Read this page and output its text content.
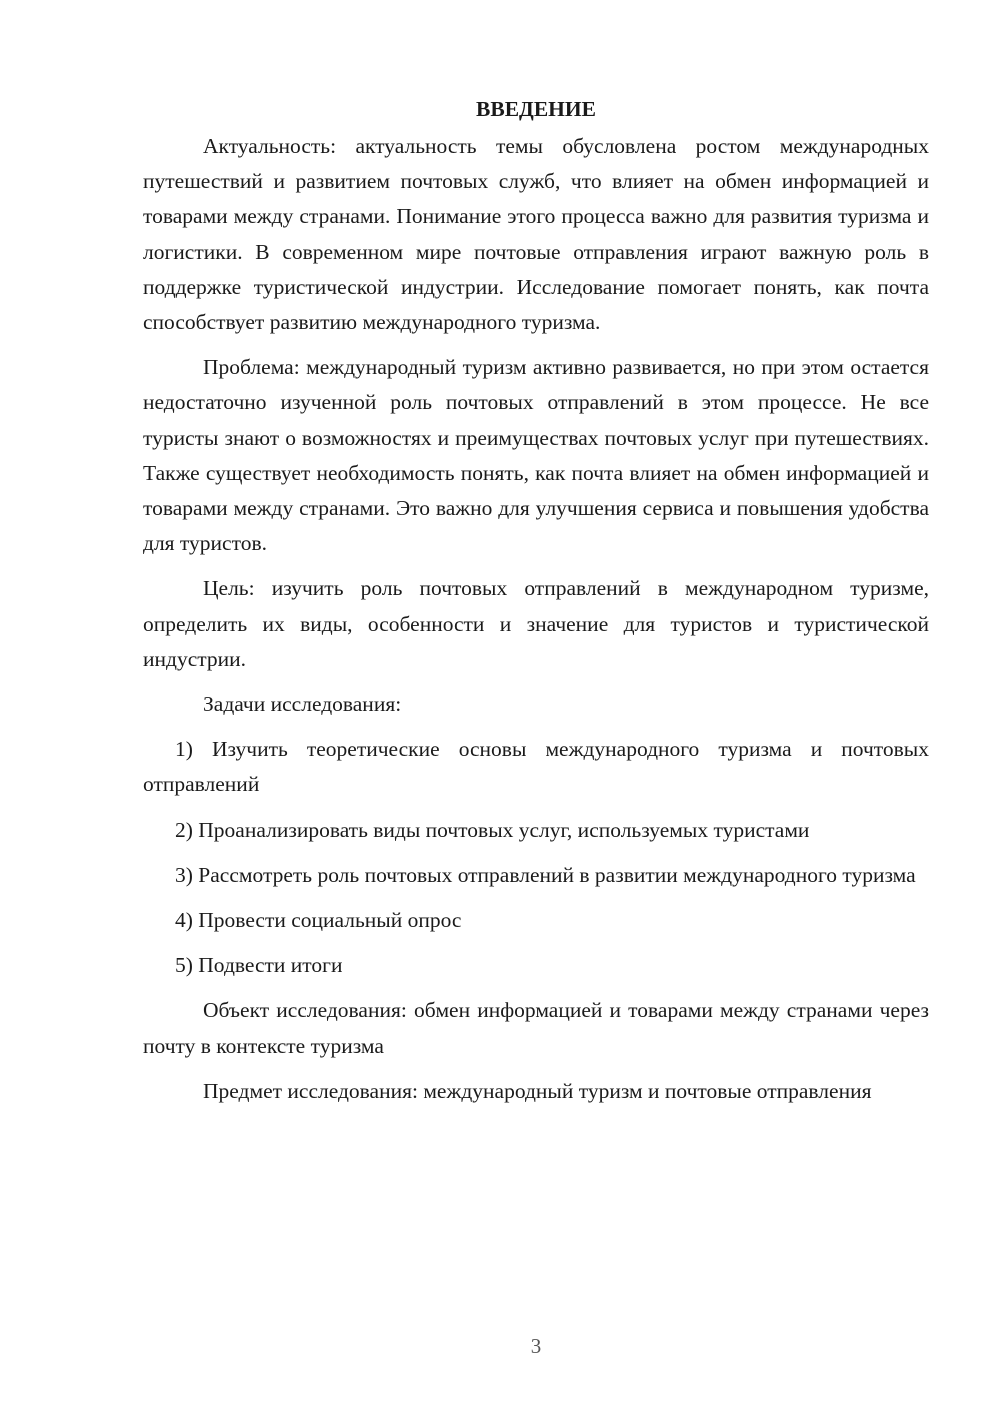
ВВЕДЕНИЕ

Актуальность: актуальность темы обусловлена ростом международных путешествий и развитием почтовых служб, что влияет на обмен информацией и товарами между странами. Понимание этого процесса важно для развития туризма и логистики. В современном мире почтовые отправления играют важную роль в поддержке туристической индустрии. Исследование помогает понять, как почта способствует развитию международного туризма.

Проблема: международный туризм активно развивается, но при этом остается недостаточно изученной роль почтовых отправлений в этом процессе. Не все туристы знают о возможностях и преимуществах почтовых услуг при путешествиях. Также существует необходимость понять, как почта влияет на обмен информацией и товарами между странами. Это важно для улучшения сервиса и повышения удобства для туристов.

Цель: изучить роль почтовых отправлений в международном туризме, определить их виды, особенности и значение для туристов и туристической индустрии.

Задачи исследования:

1) Изучить теоретические основы международного туризма и почтовых отправлений

2) Проанализировать виды почтовых услуг, используемых туристами

3) Рассмотреть роль почтовых отправлений в развитии международного туризма

4) Провести социальный опрос

5) Подвести итоги

Объект исследования: обмен информацией и товарами между странами через почту в контексте туризма

Предмет исследования: международный туризм и почтовые отправления

3
